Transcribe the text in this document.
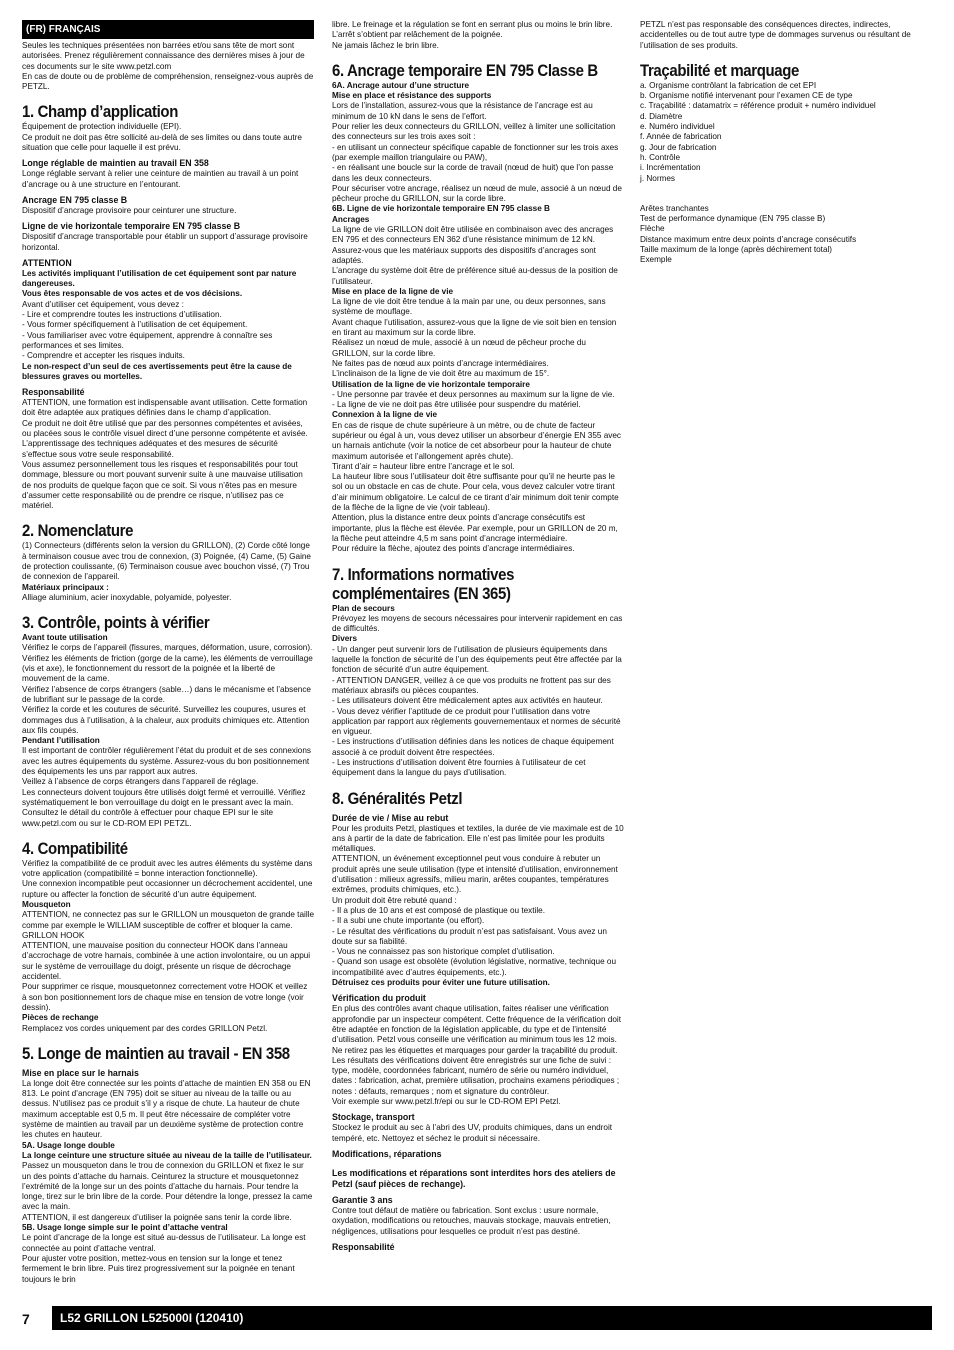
(FR) FRANÇAIS

Seules les techniques présentées non barrées et/ou sans tête de mort sont autorisées. Prenez régulièrement connaissance des dernières mises à jour de ces documents sur le site www.petzl.com
En cas de doute ou de problème de compréhension, renseignez-vous auprès de PETZL.

1. Champ d’application

Équipement de protection individuelle (EPI).
Ce produit ne doit pas être sollicité au-delà de ses limites ou dans toute autre situation que celle pour laquelle il est prévu.

Longe réglable de maintien au travail EN 358

Longe réglable servant à relier une ceinture de maintien au travail à un point d’ancrage ou à une structure en l’entourant.

Ancrage EN 795 classe B

Dispositif d’ancrage provisoire pour ceinturer une structure.

Ligne de vie horizontale temporaire EN 795 classe B

Dispositif d’ancrage transportable pour établir un support d’assurage provisoire horizontal.

ATTENTION

Les activités impliquant l’utilisation de cet équipement sont par nature dangereuses.

Vous êtes responsable de vos actes et de vos décisions.

Avant d’utiliser cet équipement, vous devez :
- Lire et comprendre toutes les instructions d’utilisation.
- Vous former spécifiquement à l’utilisation de cet équipement.
- Vous familiariser avec votre équipement, apprendre à connaître ses performances et ses limites.
- Comprendre et accepter les risques induits.

Le non-respect d’un seul de ces avertissements peut être la cause de blessures graves ou mortelles.

Responsabilité

ATTENTION, une formation est indispensable avant utilisation. Cette formation doit être adaptée aux pratiques définies dans le champ d’application.
Ce produit ne doit être utilisé que par des personnes compétentes et avisées, ou placées sous le contrôle visuel direct d’une personne compétente et avisée.
L’apprentissage des techniques adéquates et des mesures de sécurité s’effectue sous votre seule responsabilité.
Vous assumez personnellement tous les risques et responsabilités pour tout dommage, blessure ou mort pouvant survenir suite à une mauvaise utilisation de nos produits de quelque façon que ce soit. Si vous n’êtes pas en mesure d’assumer cette responsabilité ou de prendre ce risque, n’utilisez pas ce matériel.

2. Nomenclature

(1) Connecteurs (différents selon la version du GRILLON), (2) Corde côté longe à terminaison cousue avec trou de connexion, (3) Poignée, (4) Came, (5) Gaine de protection coulissante, (6) Terminaison cousue avec bouchon vissé, (7) Trou de connexion de l’appareil.

Matériaux principaux :

Alliage aluminium, acier inoxydable, polyamide, polyester.

3. Contrôle, points à vérifier
Avant toute utilisation

Vérifiez le corps de l’appareil (fissures, marques, déformation, usure, corrosion).
Vérifiez les éléments de friction (gorge de la came), les éléments de verrouillage (vis et axe), le fonctionnement du ressort de la poignée et la liberté de mouvement de la came.
Vérifiez l’absence de corps étrangers (sable…) dans le mécanisme et l’absence de lubrifiant sur le passage de la corde.
Vérifiez la corde et les coutures de sécurité. Surveillez les coupures, usures et dommages dus à l’utilisation, à la chaleur, aux produits chimiques etc. Attention aux fils coupés.

Pendant l’utilisation

Il est important de contrôler régulièrement l’état du produit et de ses connexions avec les autres équipements du système. Assurez-vous du bon positionnement des équipements les uns par rapport aux autres.
Veillez à l’absence de corps étrangers dans l’appareil de réglage.
Les connecteurs doivent toujours être utilisés doigt fermé et verrouillé. Vérifiez systématiquement le bon verrouillage du doigt en le pressant avec la main.
Consultez le détail du contrôle à effectuer pour chaque EPI sur le site www.petzl.com ou sur le CD-ROM EPI PETZL.

4. Compatibilité

Vérifiez la compatibilité de ce produit avec les autres éléments du système dans votre application (compatibilité = bonne interaction fonctionnelle).
Une connexion incompatible peut occasionner un décrochement accidentel, une rupture ou affecter la fonction de sécurité d’un autre équipement.

Mousqueton

ATTENTION, ne connectez pas sur le GRILLON un mousqueton de grande taille comme par exemple le WILLIAM susceptible de coffrer et bloquer la came.
GRILLON HOOK
ATTENTION, une mauvaise position du connecteur HOOK dans l’anneau d’accrochage de votre harnais, combinée à une action involontaire, ou un appui sur le système de verrouillage du doigt, présente un risque de décrochage accidentel.
Pour supprimer ce risque, mousquetonnez correctement votre HOOK et veillez à son bon positionnement lors de chaque mise en tension de votre longe (voir dessin).

Pièces de rechange

Remplacez vos cordes uniquement par des cordes GRILLON Petzl.

5. Longe de maintien au travail - EN 358
Mise en place sur le harnais

La longe doit être connectée sur les points d’attache de maintien EN 358 ou EN 813. Le point d’ancrage (EN 795) doit se situer au niveau de la taille ou au dessus. N’utilisez pas ce produit s’il y a risque de chute. La hauteur de chute maximum acceptable est 0,5 m. Il peut être nécessaire de compléter votre système de maintien au travail par un deuxième système de protection contre les chutes en hauteur.

5A. Usage longe double
La longe ceinture une structure située au niveau de la taille de l’utilisateur.

Passez un mousqueton dans le trou de connexion du GRILLON et fixez le sur un des points d’attache du harnais. Ceinturez la structure et mousquetonnez l’extrémité de la longe sur un des points d’attache du harnais. Pour tendre la longe, tirez sur le brin libre de la corde. Pour détendre la longe, pressez la came avec la main.
ATTENTION, il est dangereux d’utiliser la poignée sans tenir la corde libre.

5B. Usage longe simple sur le point d’attache ventral

Le point d’ancrage de la longe est situé au-dessus de l’utilisateur. La longe est connectée au point d’attache ventral.
Pour ajuster votre position, mettez-vous en tension sur la longe et tenez fermement le brin libre. Puis tirez progressivement sur la poignée en tenant toujours le brin

libre. Le freinage et la régulation se font en serrant plus ou moins le brin libre.
L’arrêt s’obtient par relâchement de la poignée.
Ne jamais lâchez le brin libre.

6. Ancrage temporaire EN 795 Classe B
6A. Ancrage autour d’une structure
Mise en place et résistance des supports

Lors de l’installation, assurez-vous que la résistance de l’ancrage est au minimum de 10 kN dans le sens de l’effort.
Pour relier les deux connecteurs du GRILLON, veillez à limiter une sollicitation des connecteurs sur les trois axes soit :
- en utilisant un connecteur spécifique capable de fonctionner sur les trois axes (par exemple maillon triangulaire ou PAW),
- en réalisant une boucle sur la corde de travail (nœud de huit) que l’on passe dans les deux connecteurs.
Pour sécuriser votre ancrage, réalisez un nœud de mule, associé à un nœud de pêcheur proche du GRILLON, sur la corde libre.

6B. Ligne de vie horizontale temporaire EN 795 classe B
Ancrages

La ligne de vie GRILLON doit être utilisée en combinaison avec des ancrages EN 795 et des connecteurs EN 362 d’une résistance minimum de 12 kN. Assurez-vous que les matériaux supports des dispositifs d’ancrages sont adaptés.
L’ancrage du système doit être de préférence situé au-dessus de la position de l’utilisateur.

Mise en place de la ligne de vie

La ligne de vie doit être tendue à la main par une, ou deux personnes, sans système de mouflage.
Avant chaque l’utilisation, assurez-vous que la ligne de vie soit bien en tension en tirant au maximum sur la corde libre.
Réalisez un nœud de mule, associé à un nœud de pêcheur proche du GRILLON, sur la corde libre.
Ne faites pas de nœud aux points d’ancrage intermédiaires.
L’inclinaison de la ligne de vie doit être au maximum de 15°.

Utilisation de la ligne de vie horizontale temporaire

- Une personne par travée et deux personnes au maximum sur la ligne de vie.
- La ligne de vie ne doit pas être utilisée pour suspendre du matériel.

Connexion à la ligne de vie

En cas de risque de chute supérieure à un mètre, ou de chute de facteur supérieur ou égal à un, vous devez utiliser un absorbeur d’énergie EN 355 avec un harnais antichute (voir la notice de cet absorbeur pour la hauteur de chute maximum autorisée et l’allongement après chute).
Tirant d’air = hauteur libre entre l’ancrage et le sol.
La hauteur libre sous l’utilisateur doit être suffisante pour qu’il ne heurte pas le sol ou un obstacle en cas de chute. Pour cela, vous devez calculer votre tirant d’air minimum obligatoire. Le calcul de ce tirant d’air minimum doit tenir compte de la flèche de la ligne de vie (voir tableau).
Attention, plus la distance entre deux points d’ancrage consécutifs est importante, plus la flèche est élevée. Par exemple, pour un GRILLON de 20 m, la flèche peut atteindre 4,5 m sans point d’ancrage intermédiaire.
Pour réduire la flèche, ajoutez des points d’ancrage intermédiaires.

7. Informations normatives complémentaires (EN 365)
Plan de secours

Prévoyez les moyens de secours nécessaires pour intervenir rapidement en cas de difficultés.

Divers

- Un danger peut survenir lors de l’utilisation de plusieurs équipements dans laquelle la fonction de sécurité de l’un des équipements peut être affectée par la fonction de sécurité d’un autre équipement.
- ATTENTION DANGER, veillez à ce que vos produits ne frottent pas sur des matériaux abrasifs ou pièces coupantes.
- Les utilisateurs doivent être médicalement aptes aux activités en hauteur.
- Vous devez vérifier l’aptitude de ce produit pour l’utilisation dans votre application par rapport aux règlements gouvernementaux et normes de sécurité en vigueur.
- Les instructions d’utilisation définies dans les notices de chaque équipement associé à ce produit doivent être respectées.
- Les instructions d’utilisation doivent être fournies à l’utilisateur de cet équipement dans la langue du pays d’utilisation.

8. Généralités Petzl
Durée de vie / Mise au rebut

Pour les produits Petzl, plastiques et textiles, la durée de vie maximale est de 10 ans à partir de la date de fabrication. Elle n’est pas limitée pour les produits métalliques.
ATTENTION, un événement exceptionnel peut vous conduire à rebuter un produit après une seule utilisation (type et intensité d’utilisation, environnement d’utilisation : milieux agressifs, milieu marin, arêtes coupantes, températures extrêmes, produits chimiques, etc.).
Un produit doit être rebuté quand :
- Il a plus de 10 ans et est composé de plastique ou textile.
- Il a subi une chute importante (ou effort).
- Le résultat des vérifications du produit n’est pas satisfaisant. Vous avez un doute sur sa fiabilité.
- Vous ne connaissez pas son historique complet d’utilisation.
- Quand son usage est obsolète (évolution législative, normative, technique ou incompatibilité avec d’autres équipements, etc.).

Détruisez ces produits pour éviter une future utilisation.

Vérification du produit

En plus des contrôles avant chaque utilisation, faites réaliser une vérification approfondie par un inspecteur compétent. Cette fréquence de la vérification doit être adaptée en fonction de la législation applicable, du type et de l’intensité d’utilisation. Petzl vous conseille une vérification au minimum tous les 12 mois.
Ne retirez pas les étiquettes et marquages pour garder la traçabilité du produit.
Les résultats des vérifications doivent être enregistrés sur une fiche de suivi : type, modèle, coordonnées fabricant, numéro de série ou numéro individuel,
dates : fabrication, achat, première utilisation, prochains examens périodiques ; notes : défauts, remarques ; nom et signature du contrôleur.
Voir exemple sur www.petzl.fr/epi ou sur le CD-ROM EPI Petzl.

Stockage, transport

Stockez le produit au sec à l’abri des UV, produits chimiques, dans un endroit tempéré, etc. Nettoyez et séchez le produit si nécessaire.

Modifications, réparations
Les modifications et réparations sont interdites hors des ateliers de Petzl (sauf pièces de rechange).
Garantie 3 ans

Contre tout défaut de matière ou fabrication. Sont exclus : usure normale, oxydation, modifications ou retouches, mauvais stockage, mauvais entretien, négligences, utilisations pour lesquelles ce produit n’est pas destiné.

Responsabilité

PETZL n’est pas responsable des conséquences directes, indirectes, accidentelles ou de tout autre type de dommages survenus ou résultant de l’utilisation de ses produits.

Traçabilité et marquage

a. Organisme contrôlant la fabrication de cet EPI
b. Organisme notifié intervenant pour l’examen CE de type
c. Traçabilité : datamatrix = référence produit + numéro individuel
d. Diamètre
e. Numéro individuel
f. Année de fabrication
g. Jour de fabrication
h. Contrôle
i. Incrémentation
j. Normes

Arêtes tranchantes
Test de performance dynamique (EN 795 classe B)
Flèche
Distance maximum entre deux points d’ancrage consécutifs
Taille maximum de la longe (après déchirement total)
Exemple

7	L52 GRILLON L525000I (120410)
